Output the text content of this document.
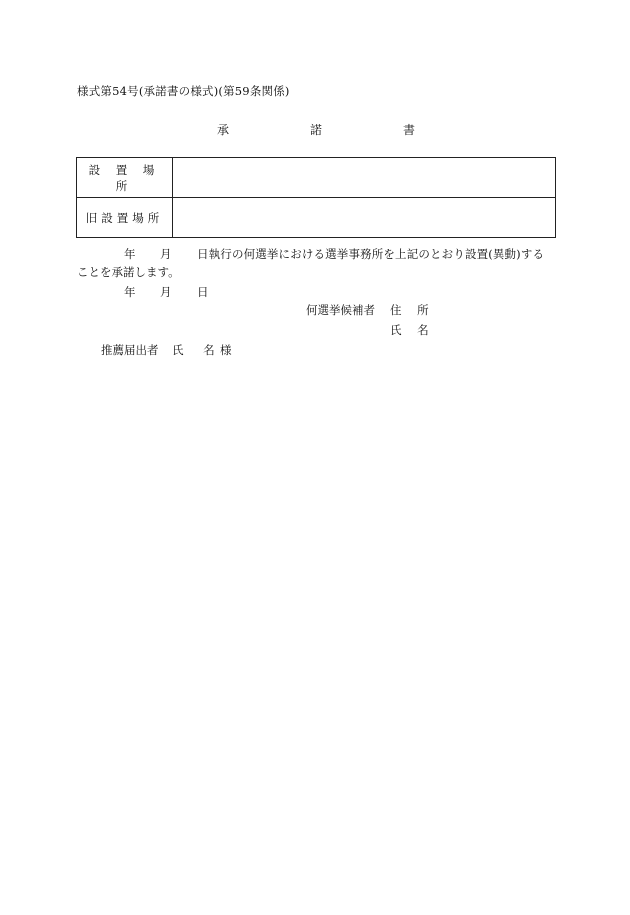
様式第54号(承諾書の様式)(第59条関係)
承	諾	書
設 置 場 所	
旧設置場所	
年 月 日執行の何選挙における選挙事務所を上記のとおり設置(異動)する
ことを承諾します。
年 月 日
何選挙候補者 住 所
氏 名
推薦届出者 氏 名
様
